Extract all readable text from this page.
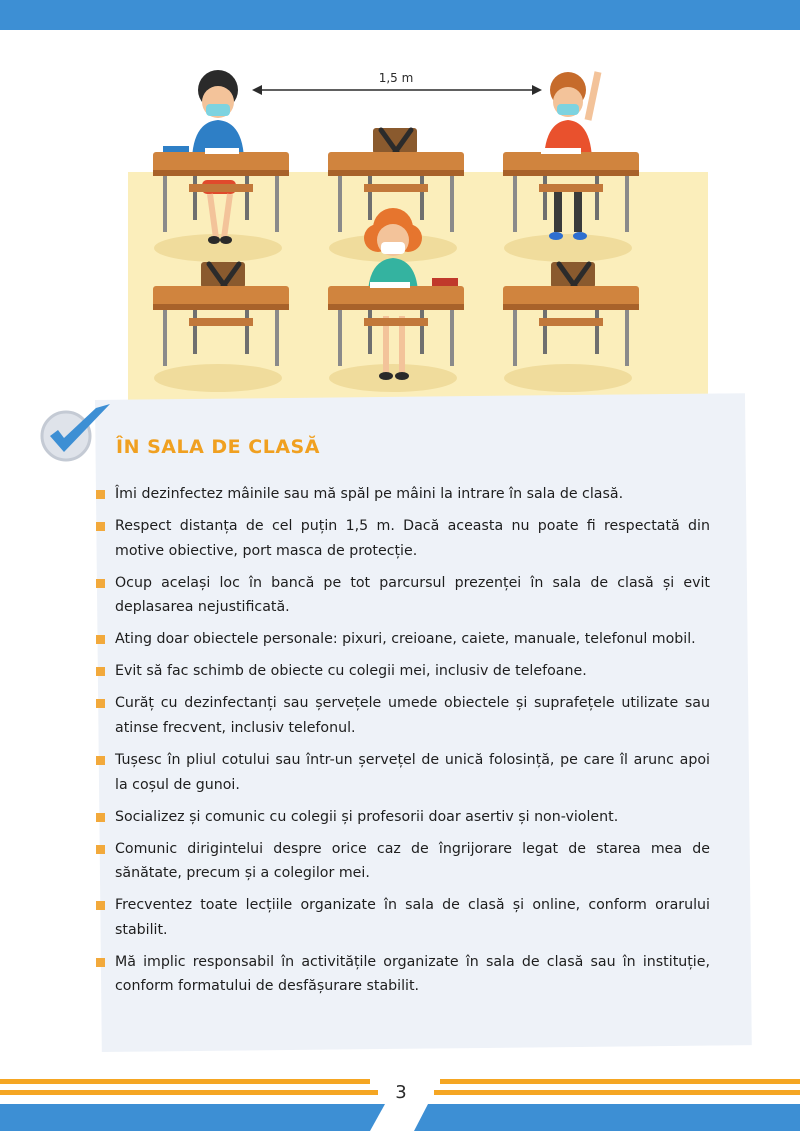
1,5 m
ÎN SALA DE CLASĂ
Îmi dezinfectez mâinile sau mă spăl pe mâini la intrare în sala de clasă.
Respect distanța de cel puțin 1,5 m. Dacă aceasta nu poate fi respectată din motive obiective, port masca de protecție.
Ocup același loc în bancă pe tot parcursul prezenței în sala de clasă și evit deplasarea nejustificată.
Ating doar obiectele personale: pixuri, creioane, caiete, manuale, telefonul mobil.
Evit să fac schimb de obiecte cu colegii mei, inclusiv de telefoane.
Curăț cu dezinfectanți sau șervețele umede obiectele și suprafețele utilizate sau atinse frecvent, inclusiv telefonul.
Tușesc în pliul cotului sau într-un șervețel de unică folosință, pe care îl arunc apoi la coșul de gunoi.
Socializez și comunic cu colegii și profesorii doar asertiv și non-violent.
Comunic dirigintelui despre orice caz de îngrijorare legat de starea mea de sănătate, precum și a colegilor mei.
Frecventez toate lecțiile organizate în sala de clasă și online, conform orarului stabilit.
Mă implic responsabil în activitățile organizate în sala de clasă sau în instituție, conform formatului de desfășurare stabilit.
3
